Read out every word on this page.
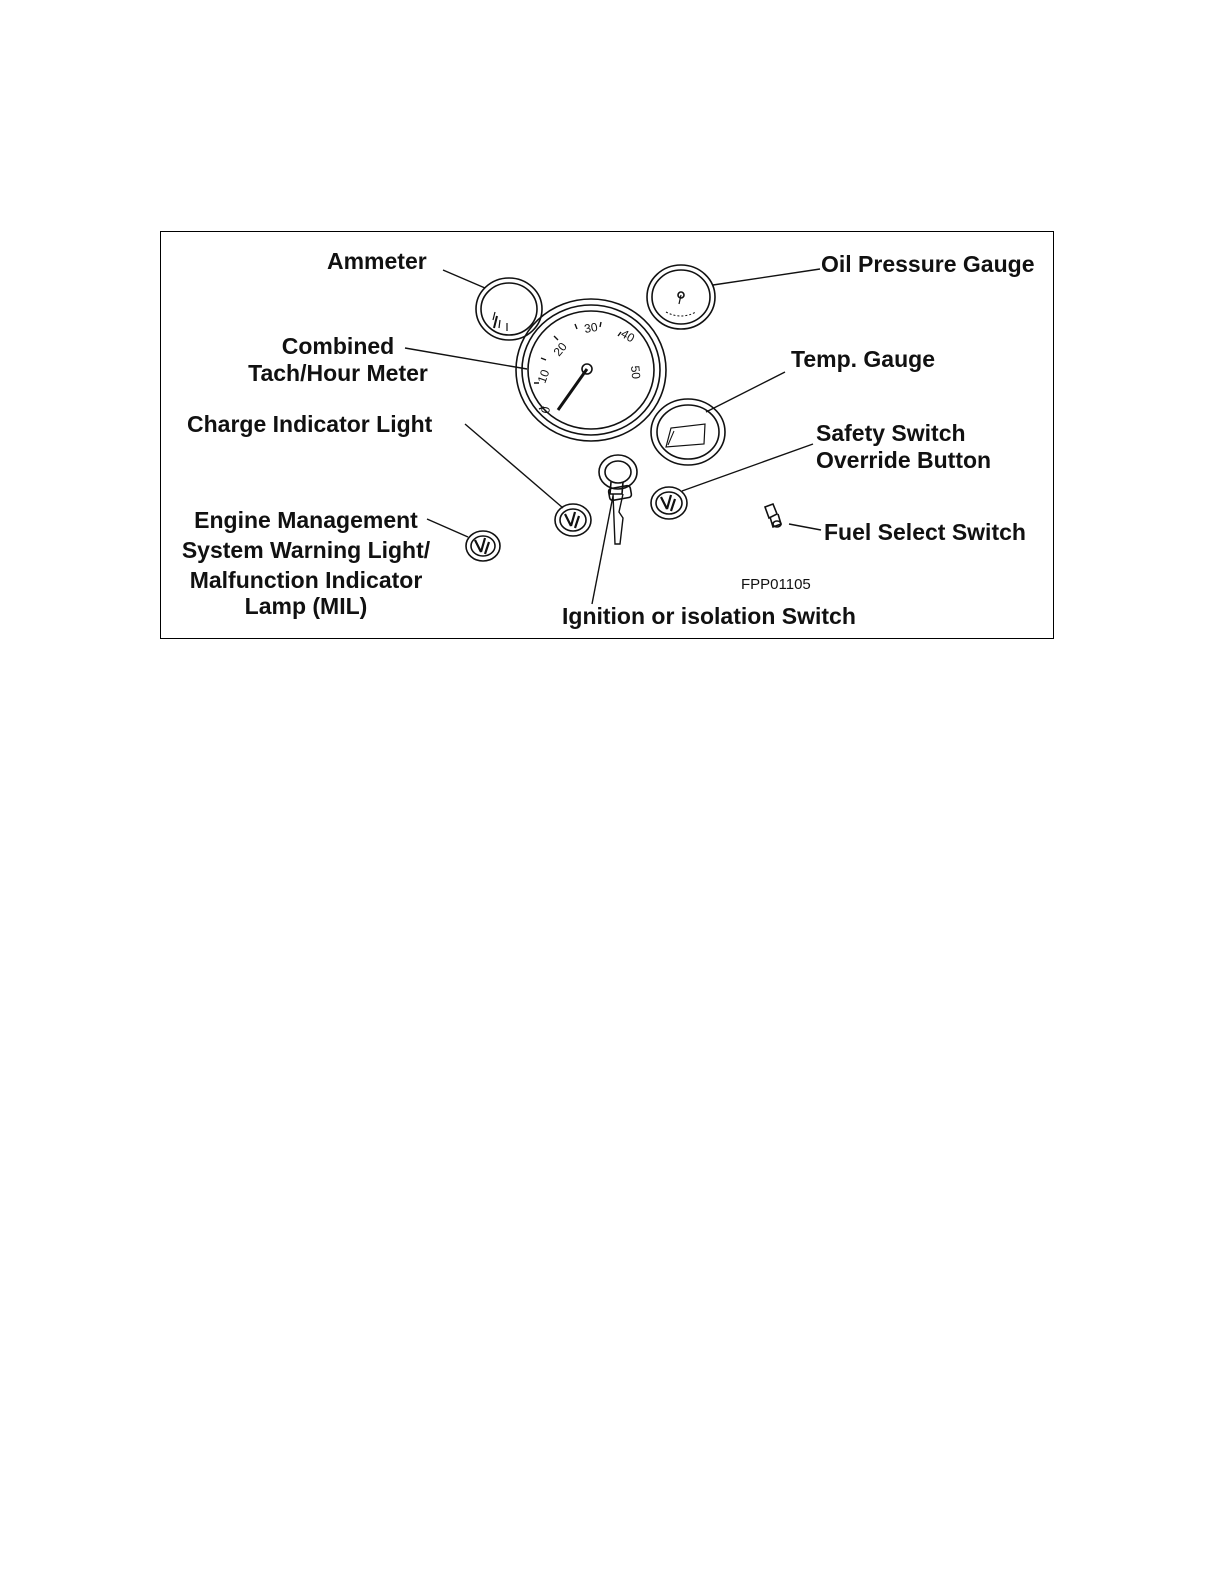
0
10
20
30 40
50
Ammeter	Oil Pressure Gauge
Combined
Tach/Hour Meter
Temp. Gauge
Charge Indicator Light	Safety Switch
Override Button
Engine Management
System Warning Light/
Malfunction Indicator
Lamp (MIL)
Fuel Select Switch
FPP01105
Ignition or isolation Switch
